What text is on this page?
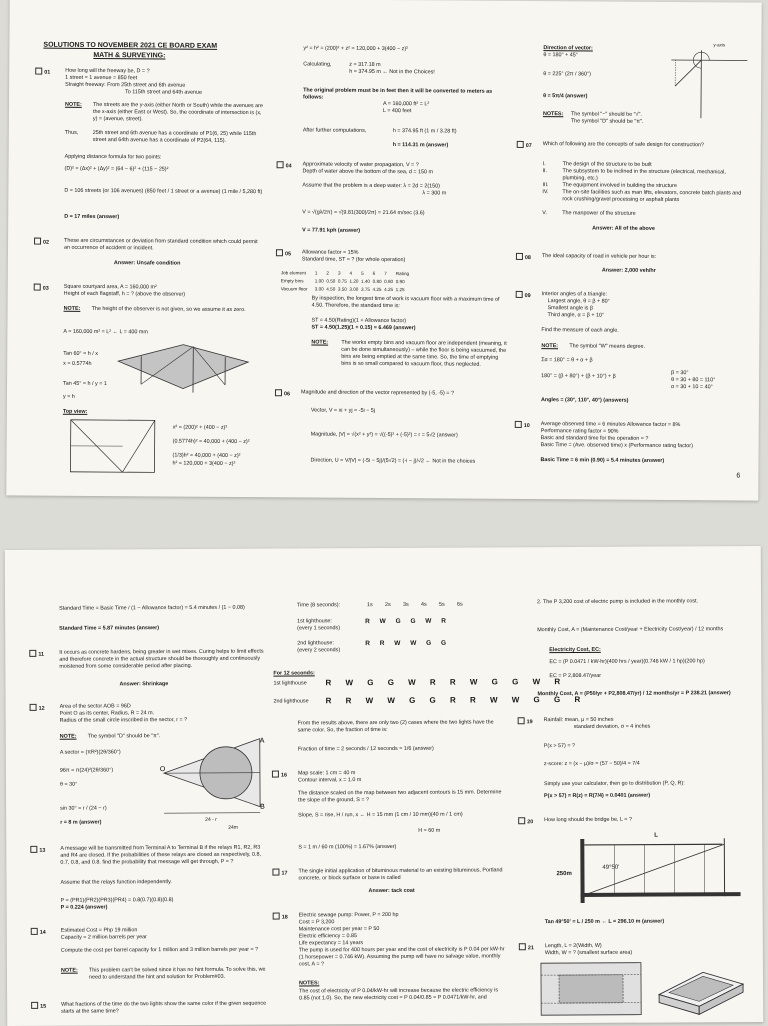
SOLUTIONS TO NOVEMBER 2021 CE BOARD EXAM
MATH & SURVEYING:
01	How long will the freeway be, D = ?
1 street = 1 avenue = 850 feet
Straight freeway: From 25th street and 6th avenue
To 115th street and 64th avenue
NOTE: The streets are the y-axis (either North or South) while the avenues are the x-axis (either East or West). So, the coordinate of intersection is (x, y) = (avenue, street).
Thus,	25th street and 6th avenue has a coordinate of P1(6, 25) while 115th street and 64th avenue has a coordinate of P2(64, 115).
Applying distance formula for two points:
(D)² = (Δx)² + (Δy)² = (64 − 6)² + (115 − 25)²
D = 106 streets (or 106 avenues) (850 feet / 1 street or a avenue) (1 mile / 5,280 ft)
D = 17 miles (answer)
02	These are circumstances or deviation from standard condition which could permit an occurrence of accident or incident.
Answer: Unsafe condition
03	Square courtyard area, A = 160,000 m²
Height of each flagstaff, h = ? (above the observer)
NOTE: The height of the observer is not given, so we assume it as zero.
A = 160,000 m² = L² ← L = 400 mm
Tan 60° = h / x
x = 0.5774h
Tan 45° = h / y = 1
y = h
Top view:
x² = (200)² + (400 − z)²
(0.5774h)² = 40,000 + (400 − z)²
(1/3)h² = 40,000 + (400 − z)²
h² = 120,000 + 3(400 − z)²
y² = h² = (200)² + z² = 120,000 + 3(400 − z)²
Calculating,	z = 317.18 m
h = 374.95 m ← Not in the Choices!
The original problem must be in feet then it will be converted to meters as follows:
A = 160,000 ft² = L²
L = 400 feet
After further computations,	h = 374.95 ft (1 m / 3.28 ft)
h = 114.31 m (answer)
04 Approximate velocity of water propagation, V = ?
Depth of water above the bottom of the sea, d = 150 m
Assume that the problem is a deep water: λ = 2d = 2(150)
λ = 300 m
V = √(gλ/2π) = √(9.81(300)/2π) = 21.64 m/sec (3.6)
V = 77.91 kph (answer)
05 Allowance factor = 15%
Standard time, ST = ? (for whole operation)
Job element	1	2	3	4	5	6	7	Rating
Empty bins	1.00	0.50	0.75	1.20	1.40	0.80	0.80	0.90
Vacuum floor	3.00	4.50	3.50	3.00	3.75	4.25	4.25	1.25
By inspection, the longest time of work is vacuum floor with a maximum time of 4.50. Therefore, the standard time is:
ST = 4.50(Rating)(1 + Allowance factor)
ST = 4.50(1.25)(1 + 0.15) = 6.469 (answer)
NOTE: The works empty bins and vacuum floor are independent (meaning, it can be done simultaneously) – while the floor is being vacuumed, the bins are being emptied at the same time. So, the time of emptying bins is so small compared to vacuum floor, thus neglected.
06 Magnitude and direction of the vector represented by (-5, -5) = ?
Vector, V = xi + yj = -5i − 5j
Magnitude, |V| = √(x² + y²) = √((-5)² + (-5)²) = r = 5√2 (answer)
Direction, U = V/|V| = (-5i − 5j)/(5√2) = (-i − j)/√2 ← Not in the choices
Direction of vector:
θ = 180° + 45°
θ = 225° (2π / 360°)
θ = 5π/4 (answer)
y-axis
NOTES: The symbol "~" should be "√".
The symbol "D" should be "π".
07 Which of following are the concepts of safe design for construction?
I.	The design of the structure to be built
II.	The subsystem to be inclined in the structure (electrical, mechanical, plumbing, etc.)
III.	The equipment involved in building the structure
IV.	The on-site facilities such as man lifts, elevators, concrete batch plants and rock crushing/gravel processing or asphalt plants
V.	The manpower of the structure
Answer: All of the above
08 The ideal capacity of road in vehicle per hour is:
Answer: 2,000 veh/hr
09 Interior angles of a triangle:
Largest angle, θ = β + 80°
Smallest angle is β
Third angle, α = β + 10°
Find the measure of each angle.
NOTE: The symbol "W" means degree.
Σα = 180° = θ + α + β
180° = (β + 80°) + (β + 10°) + β
β = 30°
θ = 30 + 80 = 110°
α = 30 + 10 = 40°
Angles = (30°, 110°, 40°) (answers)
10 Average observed time = 6 minutes Allowance factor = 8%
Performance rating factor = 90%
Basic and standard time for the operation = ?
Basic Time = (Ave. observed time) x (Performance rating factor)
Basic Time = 6 min (0.90) = 5.4 minutes (answer)
6
Standard Time = Basic Time / (1 − Allowance factor) = 5.4 minutes / (1 − 0.08)
Standard Time = 5.87 minutes (answer)
11	It occurs as concrete hardens, being greater in wet mixes. Curing helps to limit effects and therefore concrete in the actual structure should be thoroughly and continuously moistened from some considerable period after placing.
Answer: Shrinkage
12	Area of the sector AOB = 96D
Point O as its center, Radius, R = 24 m.
Radius of the small circle inscribed in the sector, r = ?
NOTE: The symbol "D" should be "π".
A sector = (πR²)(2θ/360°)
96π = π(24)²(2θ/360°)
θ = 30°
sin 30° = r / (24 − r)
r = 8 m (answer)
O
A
B
24 - r
24m
13	A message will be transmitted from Terminal A to Terminal B if the relays R1, R2, R3 and R4 are closed. If the probabilities of these relays are closed as respectively, 0.8, 0.7, 0.8, and 0.8. find the probability that message will get through, P = ?
Assume that the relays function independently.
P = (PR1)(PR2)(PR3)(PR4) = 0.8(0.7)(0.8)(0.8)
P = 0.224 (answer)
14	Estimated Cost = Php 19 million
Capacity = 2 million barrels per year
Compute the cost per barrel capacity for 1 million and 3 million barrels per year = ?
NOTE: This problem can't be solved since it has no hint formula. To solve this, we need to understand the hint and solution for Problem#03.
15	What fractions of the time do the two lights show the same color if the given sequence starts at the same time?
Time (8 seconds):	1s 2s 3s 4s 5s 6s
1st lighthouse:
(every 1 seconds)
R W G G W R
2nd lighthouse:
(every 2 seconds)
R R W W G G
For 12 seconds:
1st lighthouse R W G G W R R W G G W R
2nd lighthouse R R W W G G R R W W G G R
From the results above, there are only two (2) cases where the two lights have the same color. So, the fraction of time is:
Fraction of time = 2 seconds / 12 seconds = 1/6 (answer)
16 Map scale: 1 cm = 40 m
Contour interval, x = 1.0 m
The distance scaled on the map between two adjacent contours is 15 mm. Determine the slope of the ground, S = ?
Slope, S = rise, H / run, x ← H = 15 mm (1 cm / 10 mm)(40 m / 1 cm)
H = 60 m
S = 1 m / 60 m (100%) = 1.67% (answer)
17 The single initial application of bituminous material to an existing bituminous, Portland concrete, or block surface or base is called
Answer: tack coat
18 Electric sewage pump: Power, P = 200 hp
Cost = P 3,200
Maintenance cost per year = P 50
Electric efficiency = 0.85
Life expectancy = 14 years
The pump is used for 400 hours per year and the cost of electricity is P 0.04 per kW-hr (1 horsepower = 0.746 kW). Assuming the pump will have no salvage value, monthly cost, A = ?
NOTES:
The cost of electricity of P 0.04/kW-hr will increase because the electric efficiency is 0.85 (not 1.0). So, the new electricity cost = P 0.04/0.85 = P 0.0471/kW-hr, and
2. The P 3,200 cost of electric pump is included in the monthly cost.
Monthly Cost, A = (Maintenance Cost/year + Electricity Cost/year) / 12 months
Electricity Cost, EC:
EC = (P 0.0471 / kW-hr)(400 hrs / year)(0.746 kW / 1 hp)(200 hp)
EC = P 2,808.47/year
Monthly Cost, A = (P50/yr + P2,808.47/yr) / 12 months/yr = P 238.21 (answer)
19 Rainfall: mean, μ = 50 inches
standard deviation, σ = 4 inches
P(x > 57) = ?
z-score: z = (x − μ)/σ = (57 − 50)/4 = 7/4
Simply use your calculator, then go to distribution (P, Q, R):
P(x > 57) = R(z) = R(7/4) = 0.0401 (answer)
20 How long should the bridge be, L = ?
250m
49°50'
L
Tan 49°50' = L / 250 m ← L = 296.10 m (answer)
21 Length, L = 2(Width, W)
Width, W = ? (smallest surface area)
